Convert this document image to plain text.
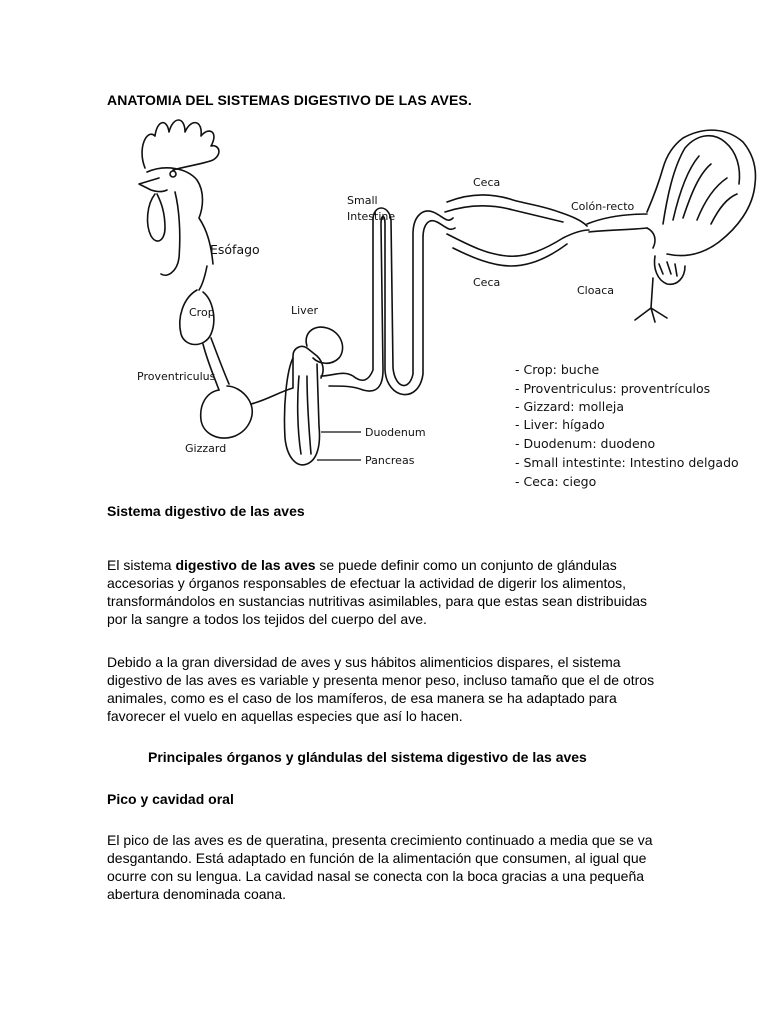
ANATOMIA DEL SISTEMAS DIGESTIVO DE LAS AVES.
Esófago
Crop
Proventriculus
Gizzard
Liver
Small
Intestine
Ceca
Ceca
Colón-recto
Cloaca
Duodenum
Pancreas
- Crop: buche
- Proventriculus: proventrículos
- Gizzard: molleja
- Liver: hígado
- Duodenum: duodeno
- Small intestinte: Intestino delgado
- Ceca: ciego
Sistema digestivo de las aves
El sistema digestivo de las aves se puede definir como un conjunto de glándulas accesorias y órganos responsables de efectuar la actividad de digerir los alimentos, transformándolos en sustancias nutritivas asimilables, para que estas sean distribuidas por la sangre a todos los tejidos del cuerpo del ave.
Debido a la gran diversidad de aves y sus hábitos alimenticios dispares, el sistema digestivo de las aves es variable y presenta menor peso, incluso tamaño que el de otros animales, como es el caso de los mamíferos, de esa manera se ha adaptado para favorecer el vuelo en aquellas especies que así lo hacen.
Principales órganos y glándulas del sistema digestivo de las aves
Pico y cavidad oral
El pico de las aves es de queratina, presenta crecimiento continuado a media que se va desgantando. Está adaptado en función de la alimentación que consumen, al igual que ocurre con su lengua. La cavidad nasal se conecta con la boca gracias a una pequeña abertura denominada coana.
